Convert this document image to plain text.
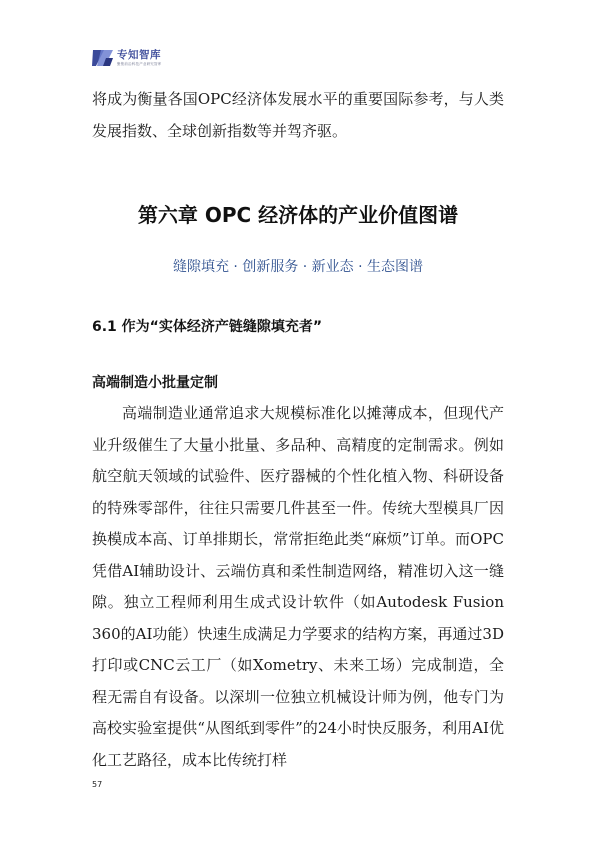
专知智库
聚焦前沿科技产业研究智库

将成为衡量各国OPC经济体发展水平的重要国际参考，与人类发展指数、全球创新指数等并驾齐驱。

第六章 OPC 经济体的产业价值图谱

缝隙填充 · 创新服务 · 新业态 · 生态图谱

6.1 作为“实体经济产链缝隙填充者”
高端制造小批量定制

高端制造业通常追求大规模标准化以摊薄成本，但现代产业升级催生了大量小批量、多品种、高精度的定制需求。例如航空航天领域的试验件、医疗器械的个性化植入物、科研设备的特殊零部件，往往只需要几件甚至一件。传统大型模具厂因换模成本高、订单排期长，常常拒绝此类“麻烦”订单。而OPC凭借AI辅助设计、云端仿真和柔性制造网络，精准切入这一缝隙。独立工程师利用生成式设计软件（如Autodesk Fusion 360的AI功能）快速生成满足力学要求的结构方案，再通过3D打印或CNC云工厂（如Xometry、未来工场）完成制造，全程无需自有设备。以深圳一位独立机械设计师为例，他专门为高校实验室提供“从图纸到零件”的24小时快反服务，利用AI优化工艺路径，成本比传统打样

57
